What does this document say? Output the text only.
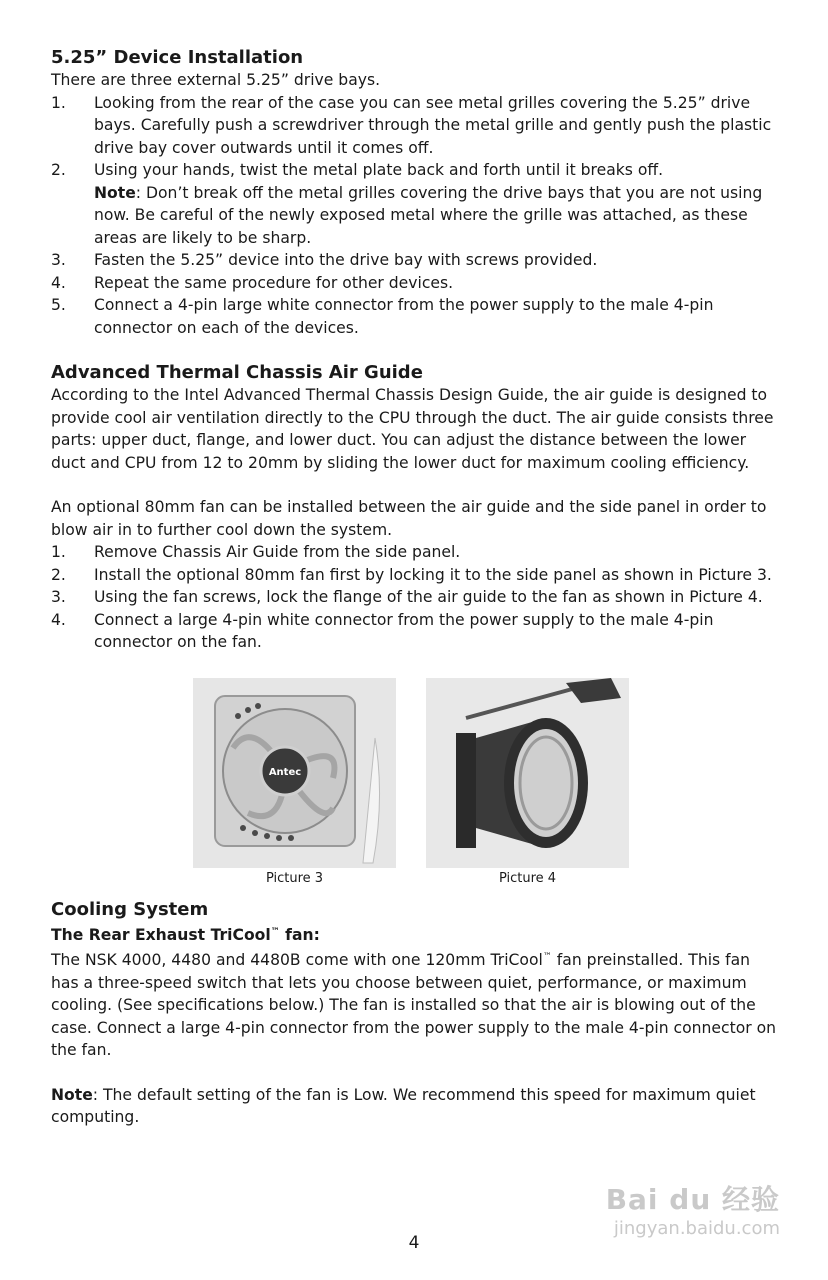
5.25” Device Installation

There are three external 5.25” drive bays.

1. Looking from the rear of the case you can see metal grilles covering the 5.25” drive bays. Carefully push a screwdriver through the metal grille and gently push the plastic drive bay cover outwards until it comes off.
2. Using your hands, twist the metal plate back and forth until it breaks off.
Note: Don’t break off the metal grilles covering the drive bays that you are not using now. Be careful of the newly exposed metal where the grille was attached, as these areas are likely to be sharp.
3. Fasten the 5.25” device into the drive bay with screws provided.
4. Repeat the same procedure for other devices.
5. Connect a 4-pin large white connector from the power supply to the male 4-pin connector on each of the devices.
Advanced Thermal Chassis Air Guide

According to the Intel Advanced Thermal Chassis Design Guide, the air guide is designed to provide cool air ventilation directly to the CPU through the duct. The air guide consists three parts: upper duct, flange, and lower duct. You can adjust the distance between the lower duct and CPU from 12 to 20mm by sliding the lower duct for maximum cooling efficiency.

An optional 80mm fan can be installed between the air guide and the side panel in order to blow air in to further cool down the system.

1. Remove Chassis Air Guide from the side panel.
2. Install the optional 80mm fan first by locking it to the side panel as shown in Picture 3.
3. Using the fan screws, lock the flange of the air guide to the fan as shown in Picture 4.
4. Connect a large 4-pin white connector from the power supply to the male 4-pin connector on the fan.
Antec
Picture 3	Picture 4
Cooling System
The Rear Exhaust TriCool™ fan:

The NSK 4000, 4480 and 4480B come with one 120mm TriCool™ fan preinstalled. This fan has a three-speed switch that lets you choose between quiet, performance, or maximum cooling. (See specifications below.) The fan is installed so that the air is blowing out of the case. Connect a large 4-pin connector from the power supply to the male 4-pin connector on the fan.

Note: The default setting of the fan is Low. We recommend this speed for maximum quiet computing.

Bai du 经验
jingyan.baidu.com
4
